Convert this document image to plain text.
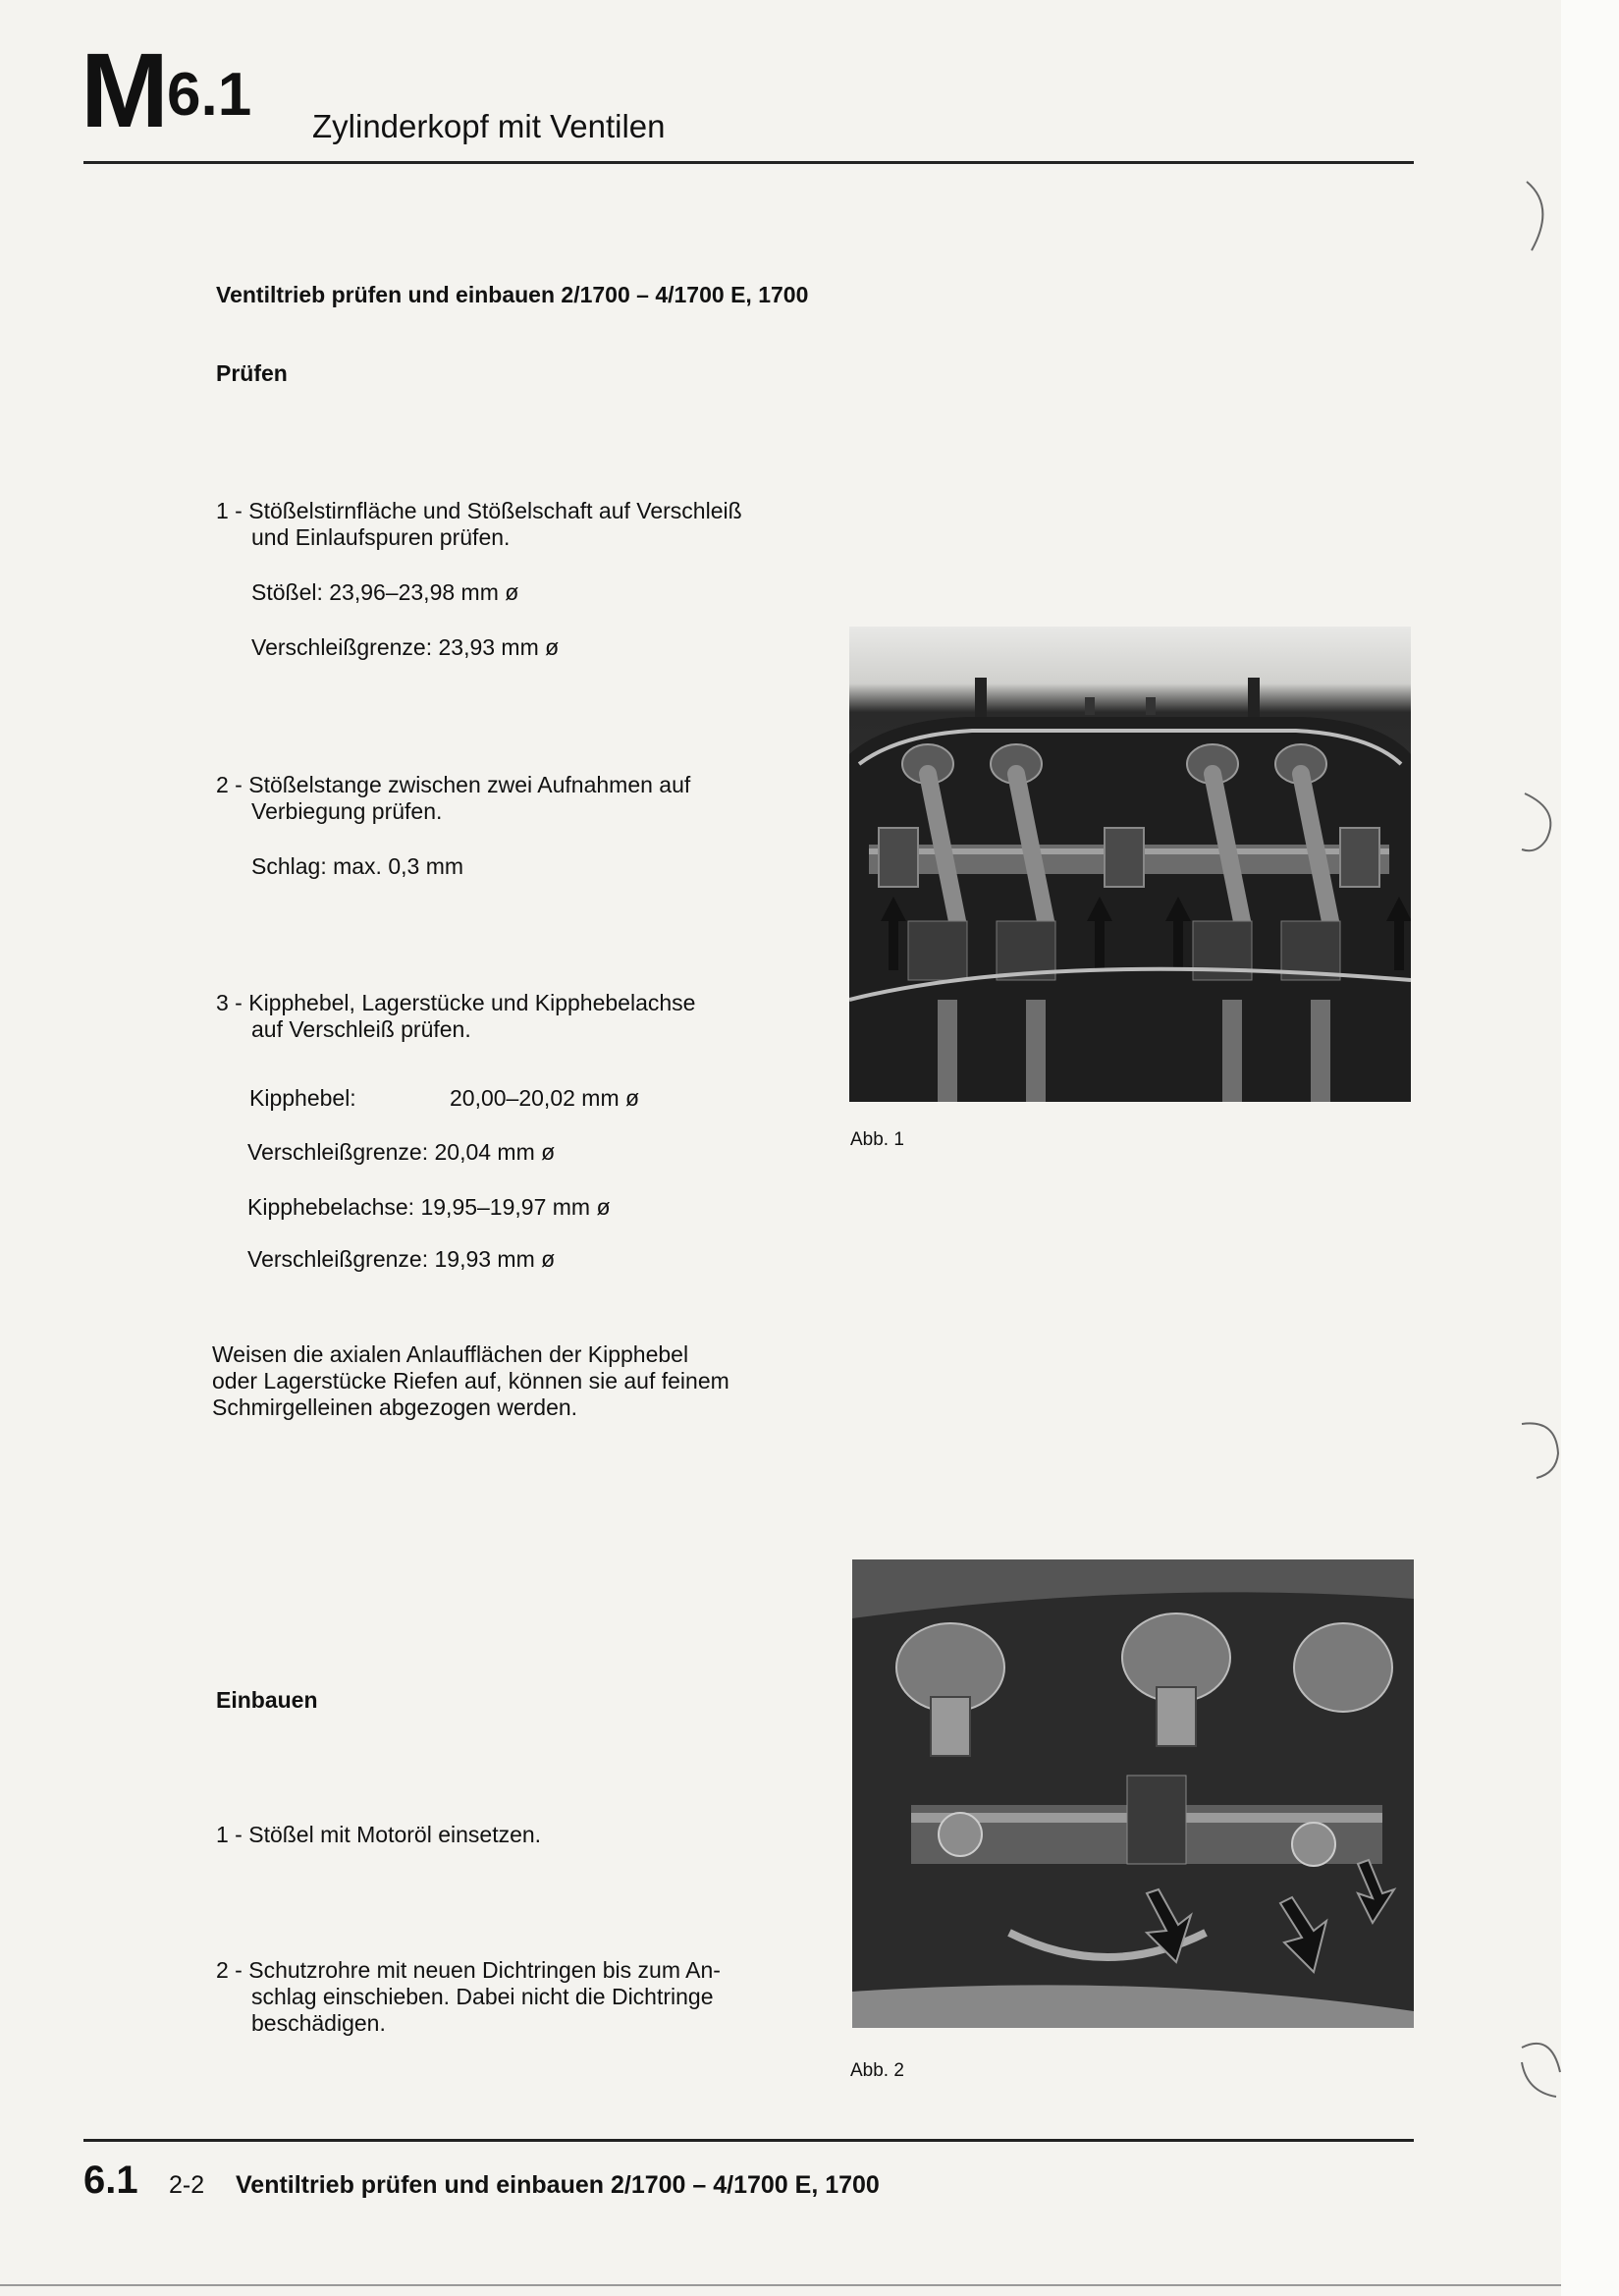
M 6.1 Zylinderkopf mit Ventilen
Ventiltrieb prüfen und einbauen 2/1700 – 4/1700 E, 1700
Prüfen
1 - Stößelstirnfläche und Stößelschaft auf Verschleiß
und Einlaufspuren prüfen.
Stößel: 23,96–23,98 mm ø
Verschleißgrenze: 23,93 mm ø
2 - Stößelstange zwischen zwei Aufnahmen auf
Verbiegung prüfen.
Schlag: max. 0,3 mm
3 - Kipphebel, Lagerstücke und Kipphebelachse
auf Verschleiß prüfen.
Kipphebel:	20,00–20,02 mm ø
Verschleißgrenze: 20,04 mm ø
Kipphebelachse: 19,95–19,97 mm ø
Verschleißgrenze: 19,93 mm ø
Weisen die axialen Anlaufflächen der Kipphebel
oder Lagerstücke Riefen auf, können sie auf feinem
Schmirgelleinen abgezogen werden.
Einbauen
1 - Stößel mit Motoröl einsetzen.
2 - Schutzrohre mit neuen Dichtringen bis zum An-
schlag einschieben. Dabei nicht die Dichtringe
beschädigen.
Abb. 1
Abb. 2
6.1 2-2 Ventiltrieb prüfen und einbauen 2/1700 – 4/1700 E, 1700
